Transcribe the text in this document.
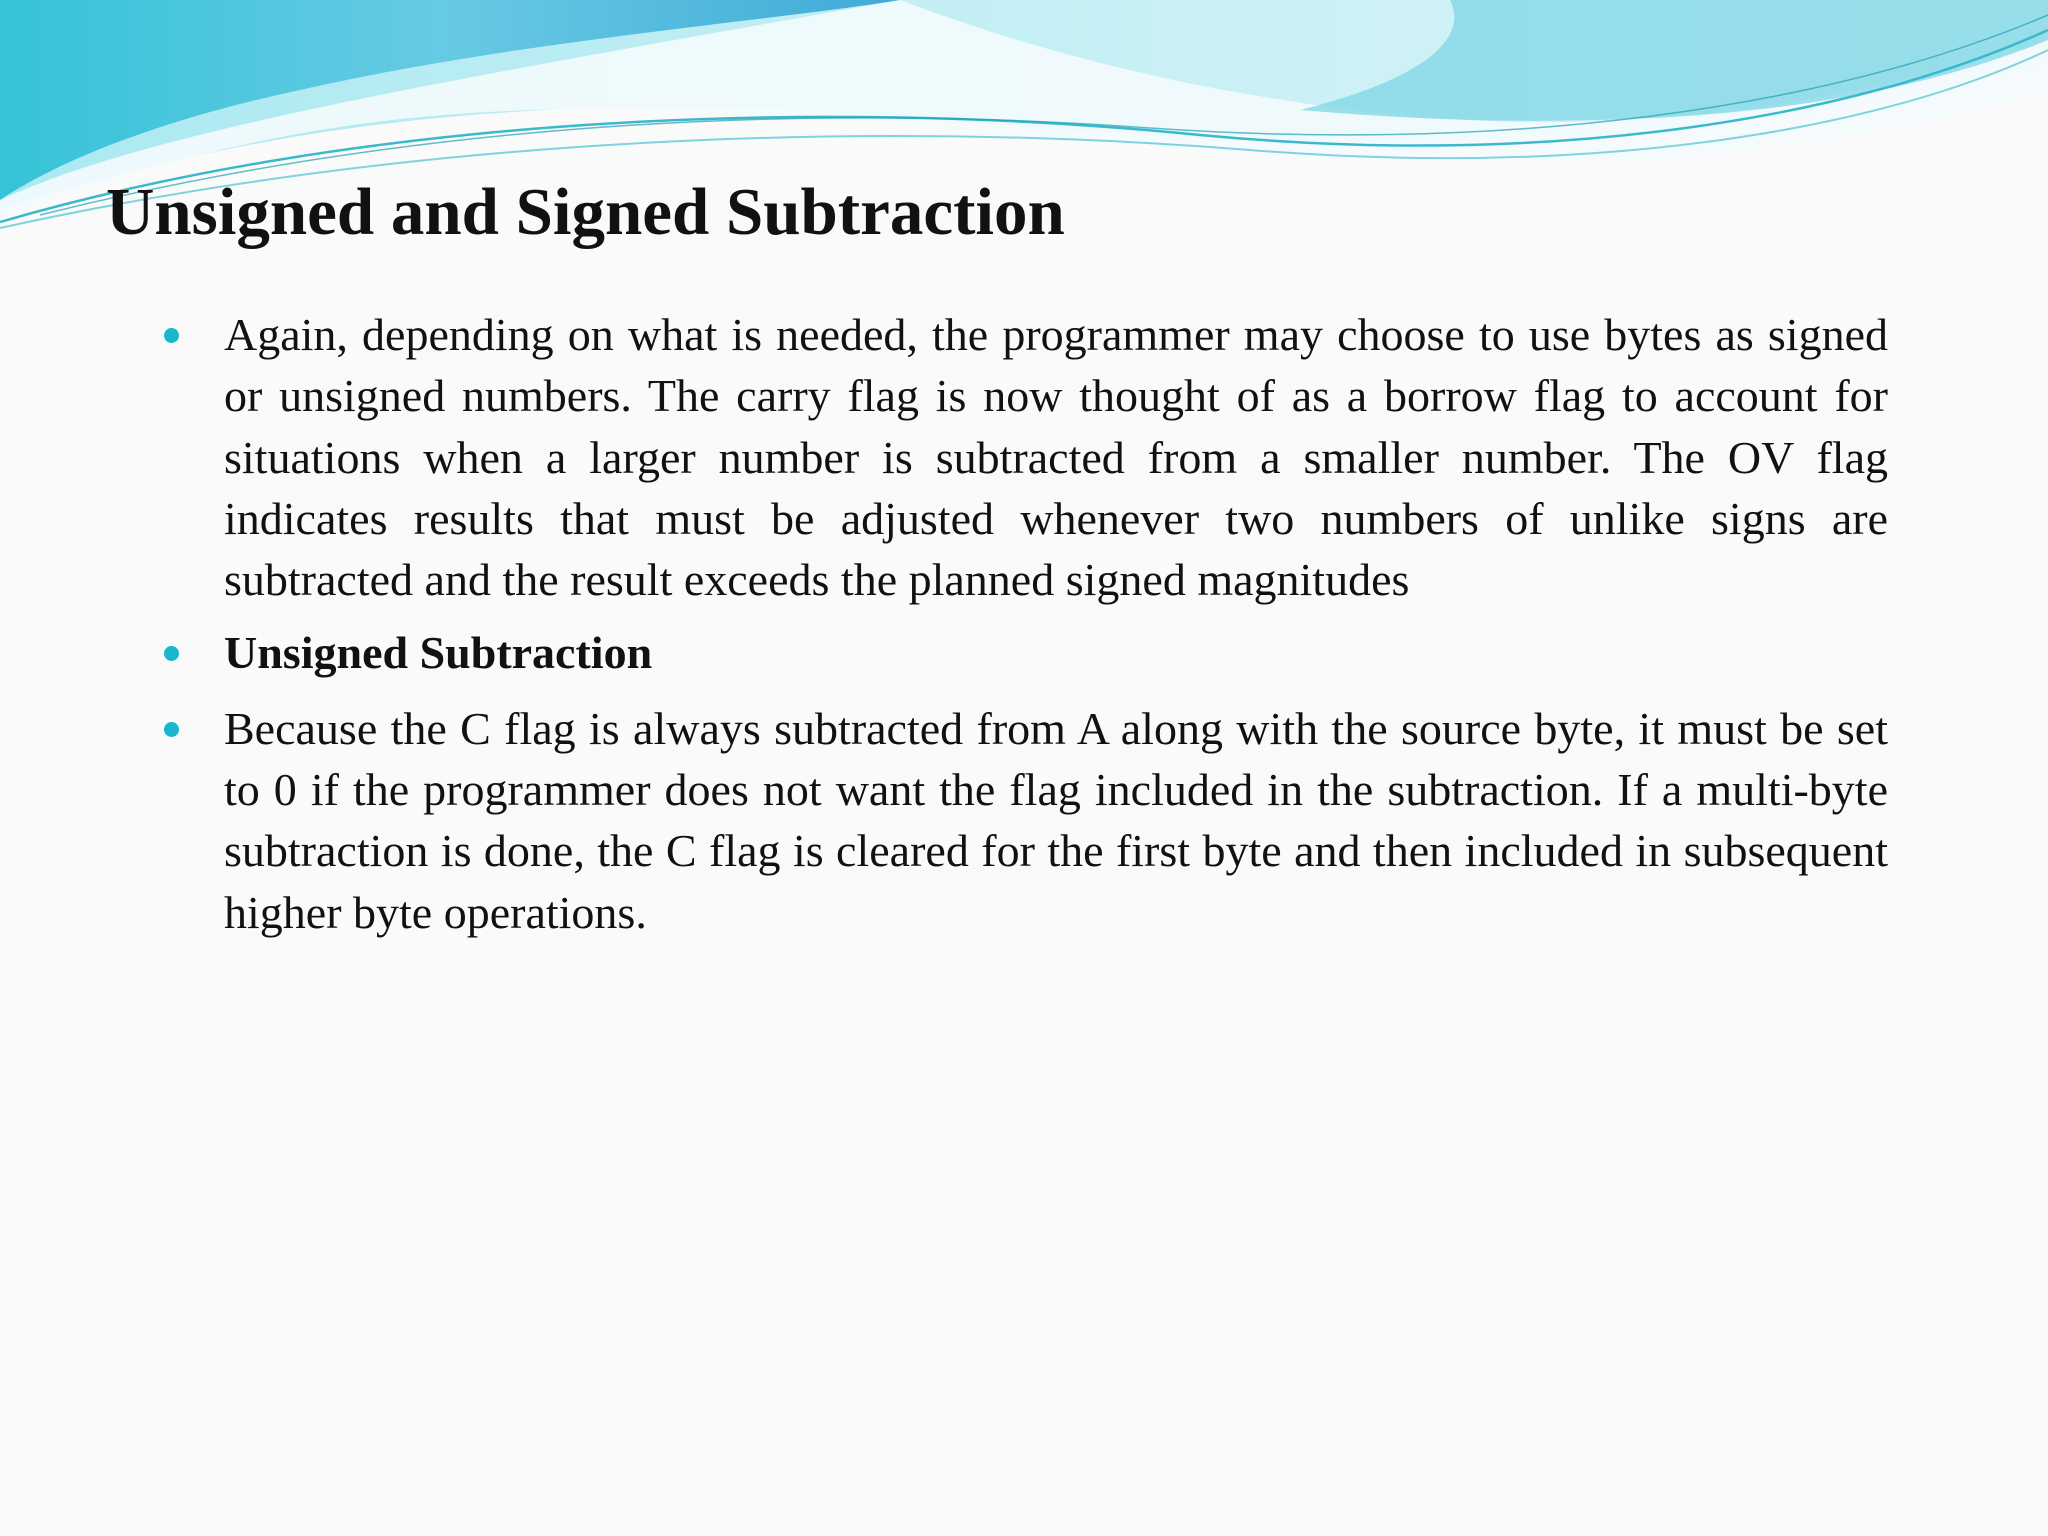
Unsigned and Signed Subtraction
Again, depending on what is needed, the programmer may choose to use bytes as signed or unsigned numbers. The carry flag is now thought of as a borrow flag to account for situations when a larger number is subtracted from a smaller number. The OV flag indicates results that must be adjusted whenever two numbers of unlike signs are subtracted and the result exceeds the planned signed magnitudes
Unsigned Subtraction
Because the C flag is always subtracted from A along with the source byte, it must be set to 0 if the programmer does not want the flag included in the subtraction. If a multi-byte subtraction is done, the C flag is cleared for the first byte and then included in subsequent higher byte operations.
